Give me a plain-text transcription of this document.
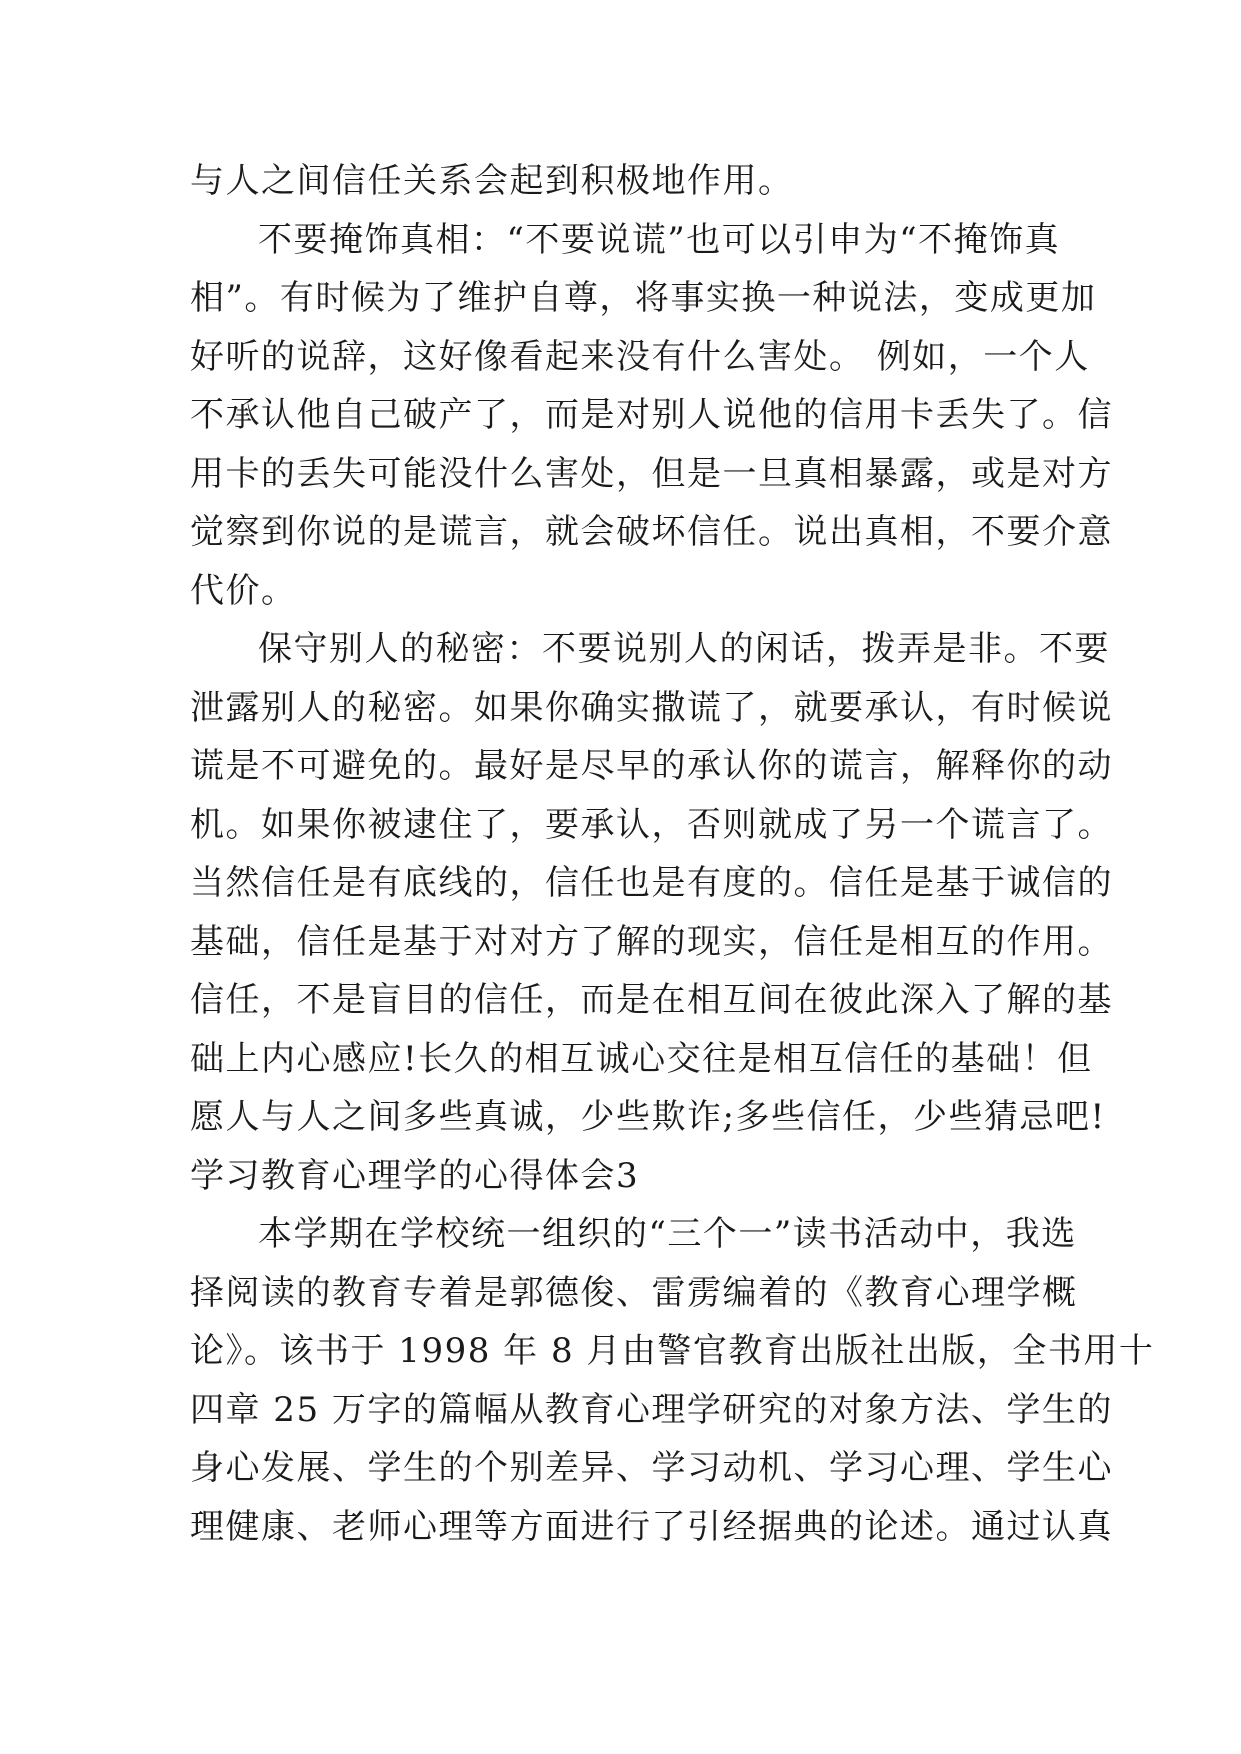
与人之间信任关系会起到积极地作用。
不要掩饰真相：“不要说谎”也可以引申为“不掩饰真
相”。有时候为了维护自尊，将事实换一种说法，变成更加
好听的说辞，这好像看起来没有什么害处。 例如，一个人
不承认他自己破产了，而是对别人说他的信用卡丢失了。信
用卡的丢失可能没什么害处，但是一旦真相暴露，或是对方
觉察到你说的是谎言，就会破坏信任。说出真相，不要介意
代价。
保守别人的秘密：不要说别人的闲话，拨弄是非。不要
泄露别人的秘密。如果你确实撒谎了，就要承认，有时候说
谎是不可避免的。最好是尽早的承认你的谎言，解释你的动
机。如果你被逮住了，要承认，否则就成了另一个谎言了。
当然信任是有底线的，信任也是有度的。信任是基于诚信的
基础，信任是基于对对方了解的现实，信任是相互的作用。
信任，不是盲目的信任，而是在相互间在彼此深入了解的基
础上内心感应!长久的相互诚心交往是相互信任的基础！但
愿人与人之间多些真诚，少些欺诈;多些信任，少些猜忌吧!
学习教育心理学的心得体会3
本学期在学校统一组织的“三个一”读书活动中，我选
择阅读的教育专着是郭德俊、雷雳编着的《教育心理学概
论》。该书于 1998 年 8 月由警官教育出版社出版，全书用十
四章 25 万字的篇幅从教育心理学研究的对象方法、学生的
身心发展、学生的个别差异、学习动机、学习心理、学生心
理健康、老师心理等方面进行了引经据典的论述。通过认真
